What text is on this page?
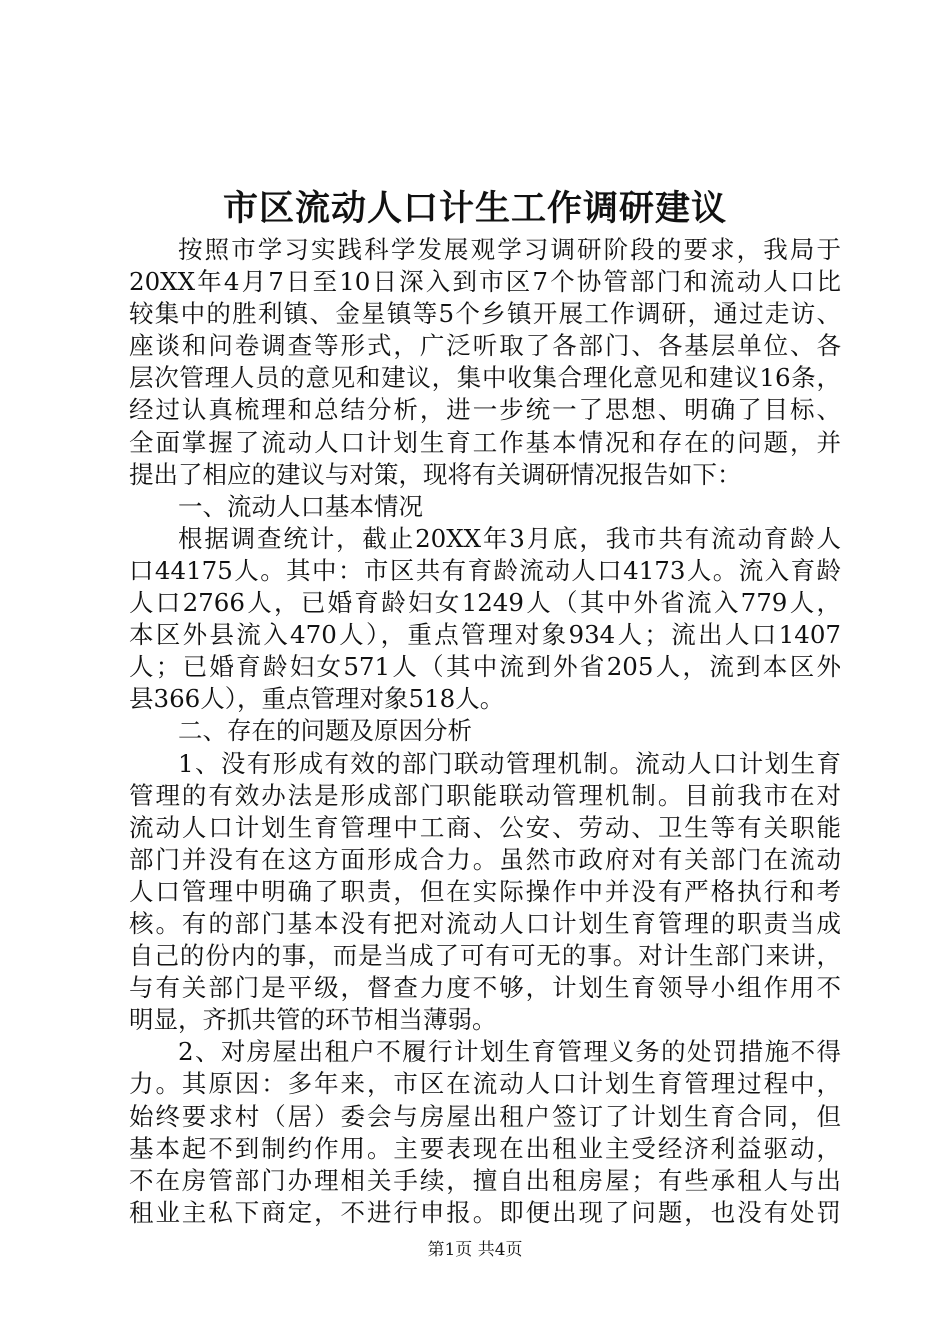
市区流动人口计生工作调研建议
按照市学习实践科学发展观学习调研阶段的要求，我局于
20XX年4月7日至10日深入到市区7个协管部门和流动人口比
较集中的胜利镇、金星镇等5个乡镇开展工作调研，通过走访、
座谈和问卷调查等形式，广泛听取了各部门、各基层单位、各
层次管理人员的意见和建议，集中收集合理化意见和建议16条，
经过认真梳理和总结分析，进一步统一了思想、明确了目标、
全面掌握了流动人口计划生育工作基本情况和存在的问题，并
提出了相应的建议与对策，现将有关调研情况报告如下：
一、流动人口基本情况
根据调查统计，截止20XX年3月底，我市共有流动育龄人
口44175人。其中：市区共有育龄流动人口4173人。流入育龄
人口2766人，已婚育龄妇女1249人（其中外省流入779人，
本区外县流入470人），重点管理对象934人；流出人口1407
人；已婚育龄妇女571人（其中流到外省205人，流到本区外
县366人），重点管理对象518人。
二、存在的问题及原因分析
1、没有形成有效的部门联动管理机制。流动人口计划生育
管理的有效办法是形成部门职能联动管理机制。目前我市在对
流动人口计划生育管理中工商、公安、劳动、卫生等有关职能
部门并没有在这方面形成合力。虽然市政府对有关部门在流动
人口管理中明确了职责，但在实际操作中并没有严格执行和考
核。有的部门基本没有把对流动人口计划生育管理的职责当成
自己的份内的事，而是当成了可有可无的事。对计生部门来讲，
与有关部门是平级，督查力度不够，计划生育领导小组作用不
明显，齐抓共管的环节相当薄弱。
2、对房屋出租户不履行计划生育管理义务的处罚措施不得
力。其原因：多年来，市区在流动人口计划生育管理过程中，
始终要求村（居）委会与房屋出租户签订了计划生育合同，但
基本起不到制约作用。主要表现在出租业主受经济利益驱动，
不在房管部门办理相关手续，擅自出租房屋；有些承租人与出
租业主私下商定，不进行申报。即便出现了问题，也没有处罚
第1页 共4页
